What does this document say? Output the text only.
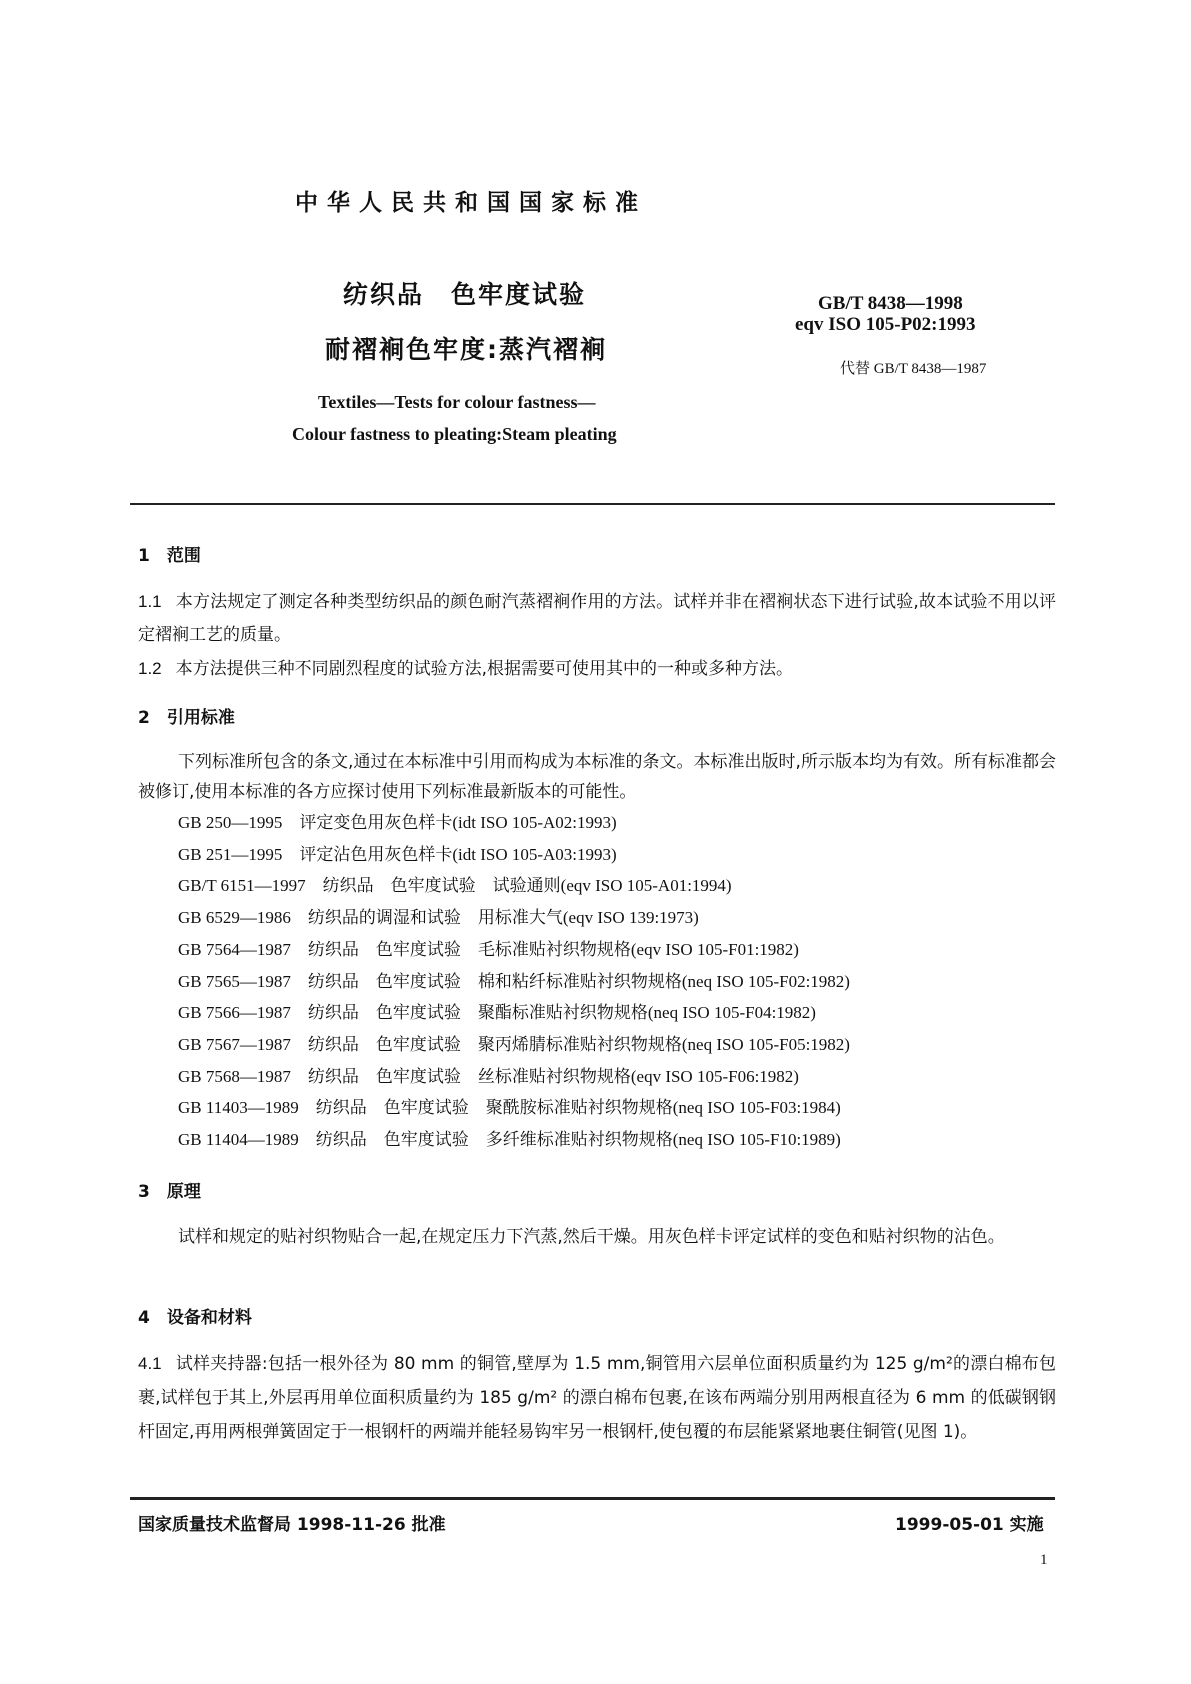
中华人民共和国国家标准
纺织品　色牢度试验
耐褶裥色牢度:蒸汽褶裥
GB/T 8438—1998
eqv ISO 105-P02:1993
代替 GB/T 8438—1987
Textiles—Tests for colour fastness—
Colour fastness to pleating:Steam pleating

1　范围

1.1 本方法规定了测定各种类型纺织品的颜色耐汽蒸褶裥作用的方法。试样并非在褶裥状态下进行试验,故本试验不用以评定褶裥工艺的质量。

1.2 本方法提供三种不同剧烈程度的试验方法,根据需要可使用其中的一种或多种方法。

2　引用标准

下列标准所包含的条文,通过在本标准中引用而构成为本标准的条文。本标准出版时,所示版本均为有效。所有标准都会被修订,使用本标准的各方应探讨使用下列标准最新版本的可能性。

GB 250—1995　评定变色用灰色样卡(idt ISO 105-A02:1993)
GB 251—1995　评定沾色用灰色样卡(idt ISO 105-A03:1993)
GB/T 6151—1997　纺织品　色牢度试验　试验通则(eqv ISO 105-A01:1994)
GB 6529—1986　纺织品的调湿和试验　用标准大气(eqv ISO 139:1973)
GB 7564—1987　纺织品　色牢度试验　毛标准贴衬织物规格(eqv ISO 105-F01:1982)
GB 7565—1987　纺织品　色牢度试验　棉和粘纤标准贴衬织物规格(neq ISO 105-F02:1982)
GB 7566—1987　纺织品　色牢度试验　聚酯标准贴衬织物规格(neq ISO 105-F04:1982)
GB 7567—1987　纺织品　色牢度试验　聚丙烯腈标准贴衬织物规格(neq ISO 105-F05:1982)
GB 7568—1987　纺织品　色牢度试验　丝标准贴衬织物规格(eqv ISO 105-F06:1982)
GB 11403—1989　纺织品　色牢度试验　聚酰胺标准贴衬织物规格(neq ISO 105-F03:1984)
GB 11404—1989　纺织品　色牢度试验　多纤维标准贴衬织物规格(neq ISO 105-F10:1989)

3　原理

试样和规定的贴衬织物贴合一起,在规定压力下汽蒸,然后干燥。用灰色样卡评定试样的变色和贴衬织物的沾色。

4　设备和材料

4.1 试样夹持器:包括一根外径为 80 mm 的铜管,壁厚为 1.5 mm,铜管用六层单位面积质量约为 125 g/m²的漂白棉布包裹,试样包于其上,外层再用单位面积质量约为 185 g/m² 的漂白棉布包裹,在该布两端分别用两根直径为 6 mm 的低碳钢钢杆固定,再用两根弹簧固定于一根钢杆的两端并能轻易钩牢另一根钢杆,使包覆的布层能紧紧地裹住铜管(见图 1)。

国家质量技术监督局 1998-11-26 批准	1999-05-01 实施
1
